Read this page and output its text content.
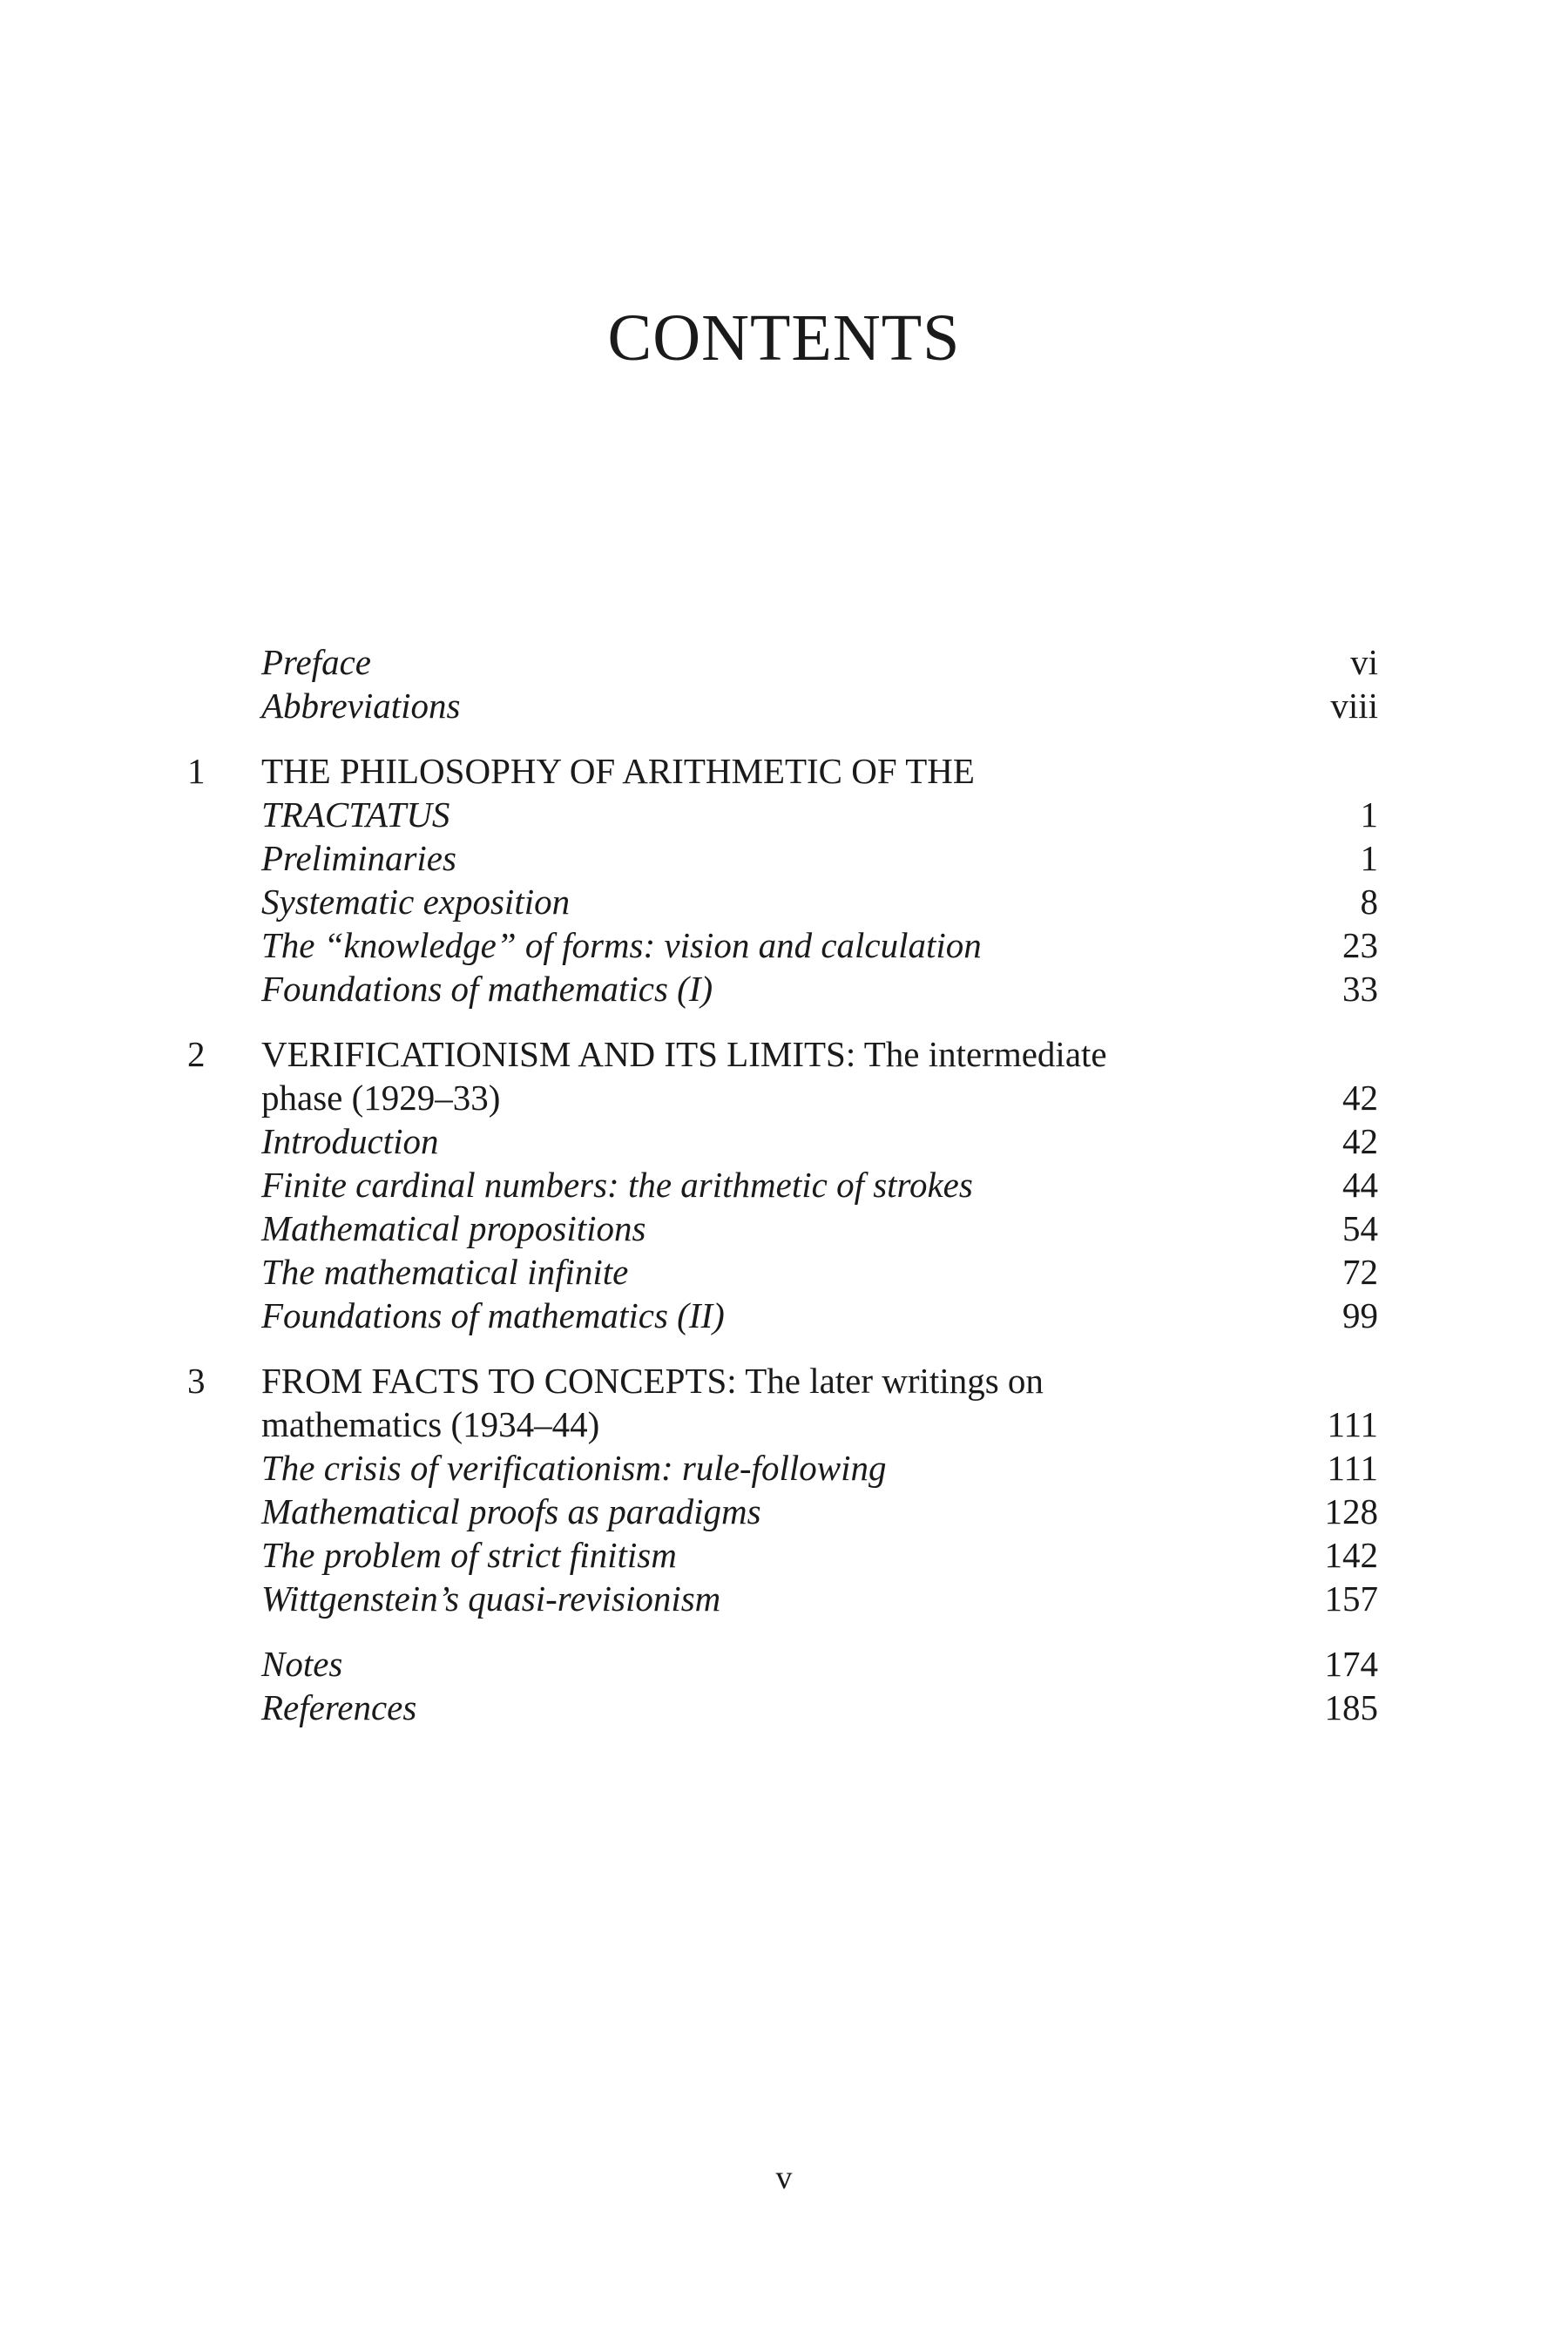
CONTENTS
Preface	vi
Abbreviations	viii
1	THE PHILOSOPHY OF ARITHMETIC OF THE
TRACTATUS	1
Preliminaries	1
Systematic exposition	8
The “knowledge” of forms: vision and calculation	23
Foundations of mathematics (I)	33
2	VERIFICATIONISM AND ITS LIMITS: The intermediate
phase (1929–33)	42
Introduction	42
Finite cardinal numbers: the arithmetic of strokes	44
Mathematical propositions	54
The mathematical infinite	72
Foundations of mathematics (II)	99
3	FROM FACTS TO CONCEPTS: The later writings on
mathematics (1934–44)	111
The crisis of verificationism: rule-following	111
Mathematical proofs as paradigms	128
The problem of strict finitism	142
Wittgenstein’s quasi-revisionism	157
Notes	174
References	185
v
